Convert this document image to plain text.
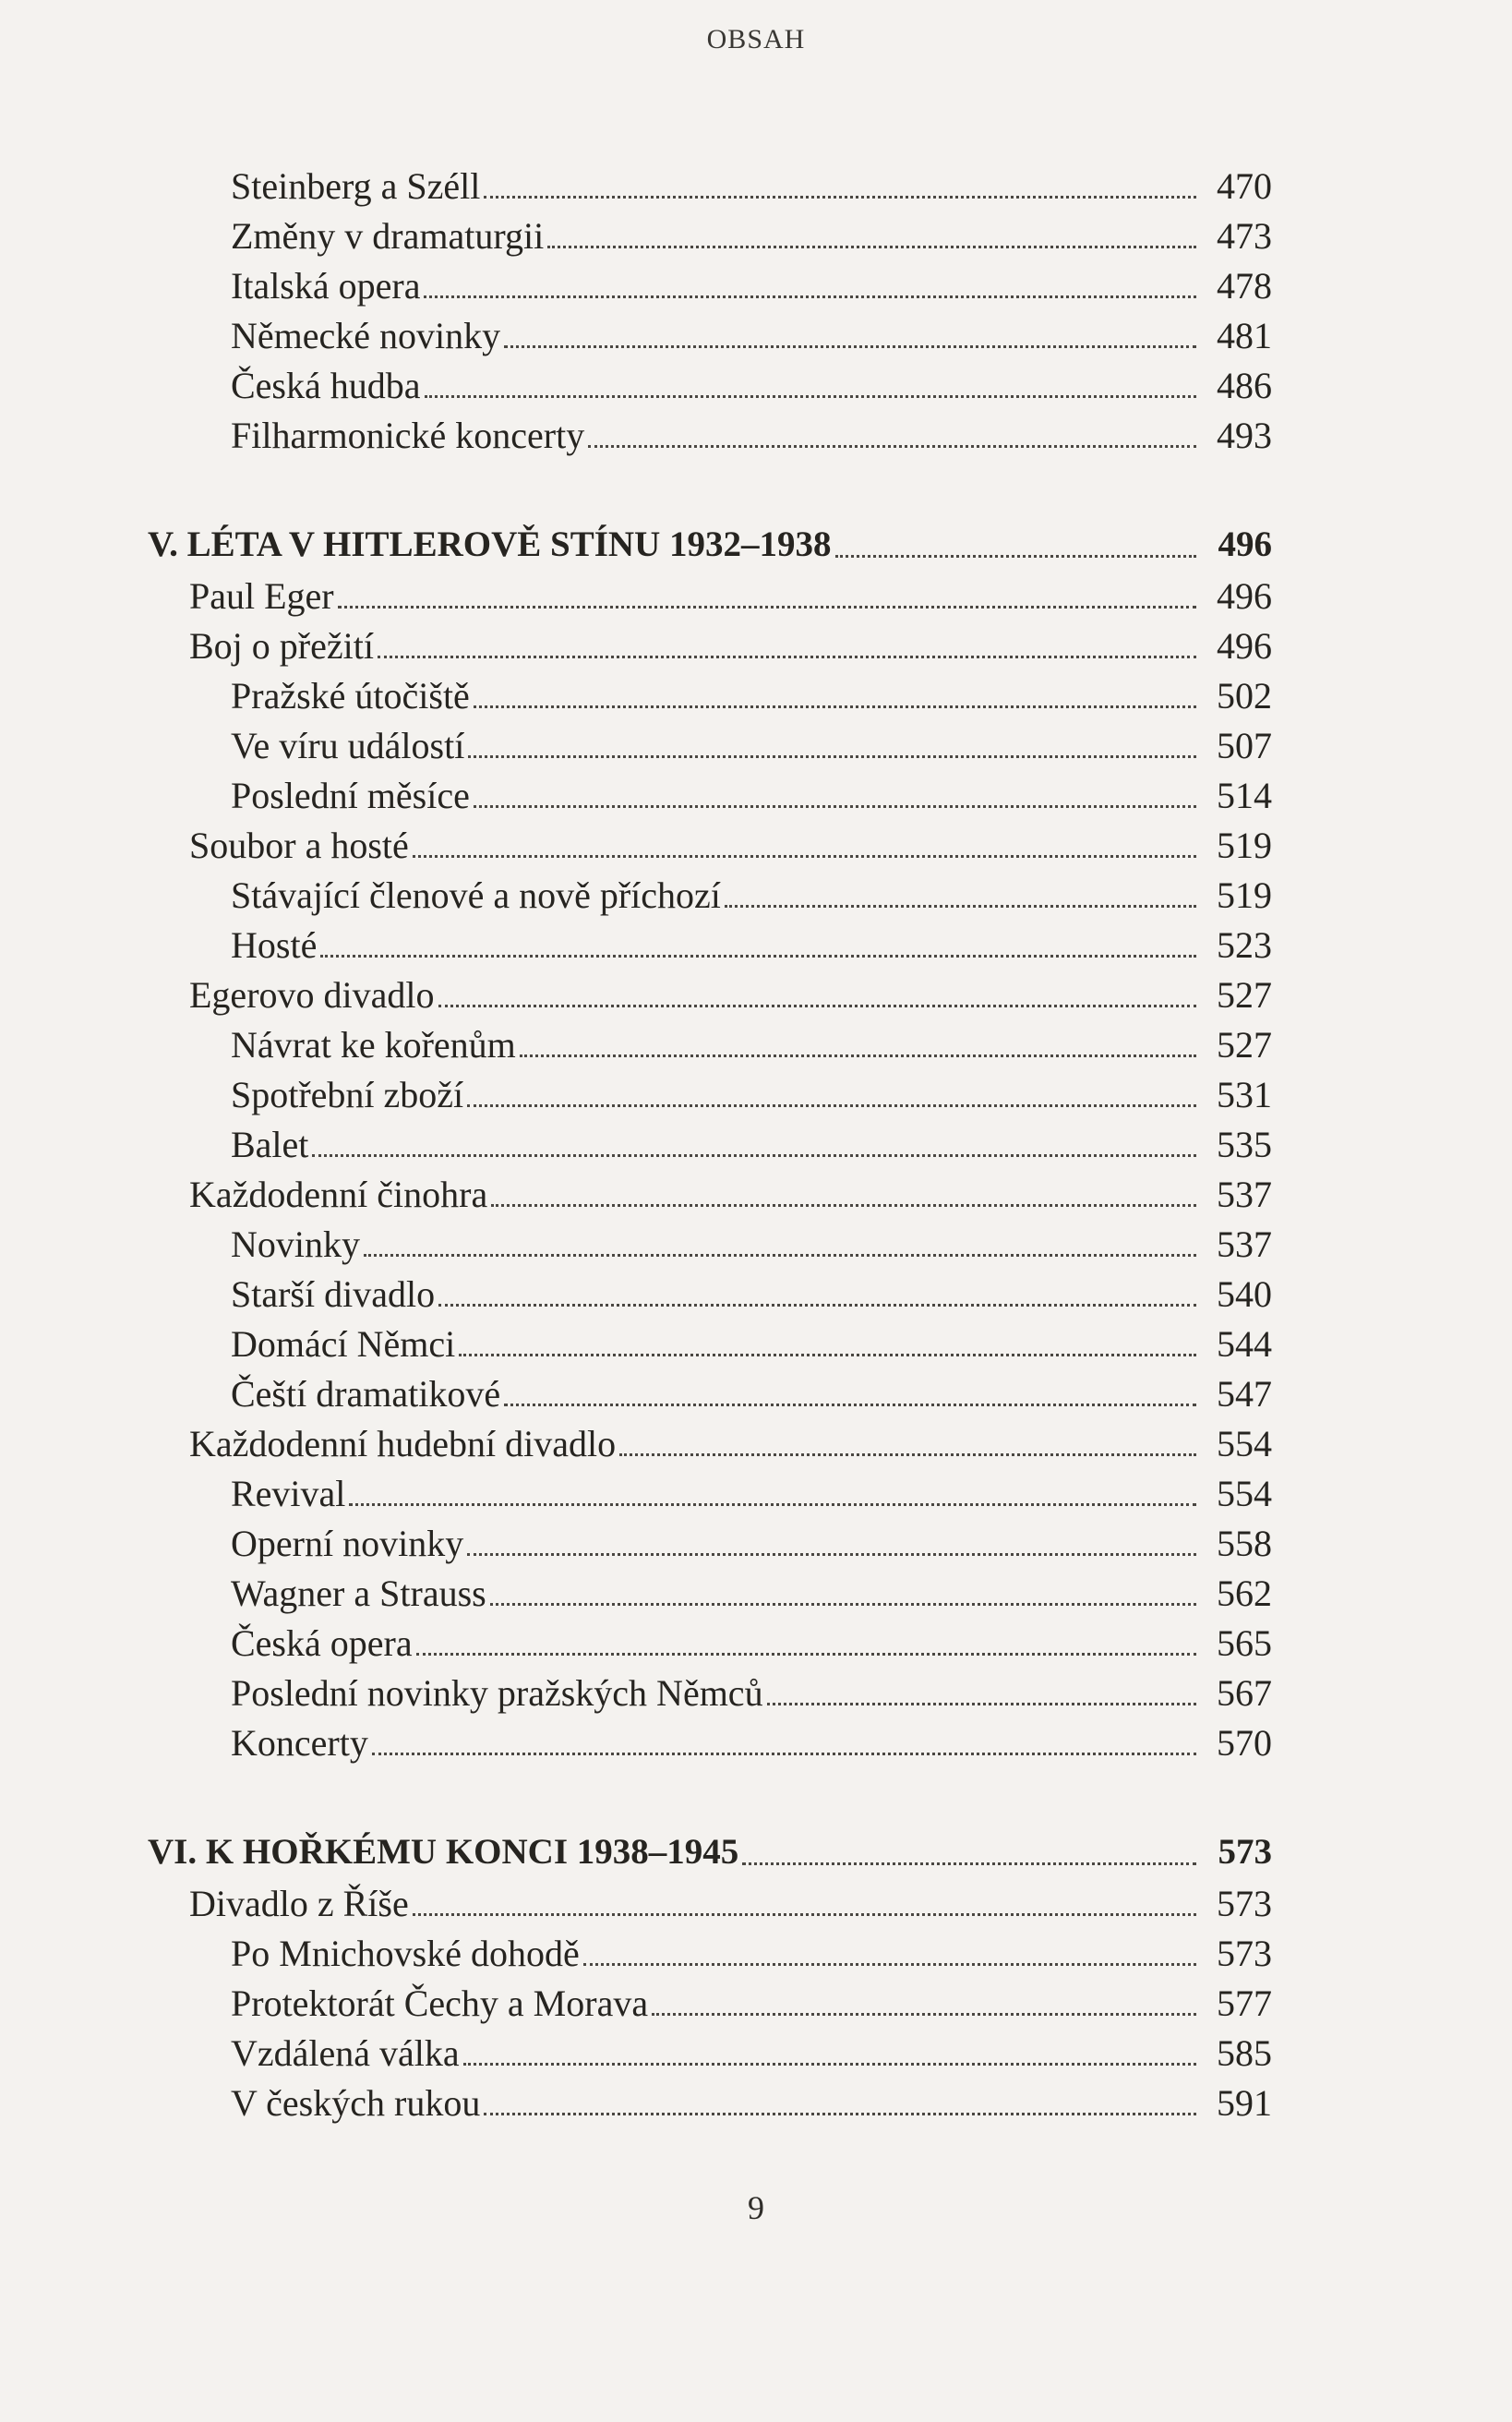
OBSAH
Steinberg a Széll	470
Změny v dramaturgii	473
Italská opera	478
Německé novinky	481
Česká hudba	486
Filharmonické koncerty	493
V. LÉTA V HITLEROVĚ STÍNU 1932–1938	496
Paul Eger	496
Boj o přežití	496
Pražské útočiště	502
Ve víru událostí	507
Poslední měsíce	514
Soubor a hosté	519
Stávající členové a nově příchozí	519
Hosté	523
Egerovo divadlo	527
Návrat ke kořenům	527
Spotřební zboží	531
Balet	535
Každodenní činohra	537
Novinky	537
Starší divadlo	540
Domácí Němci	544
Čeští dramatikové	547
Každodenní hudební divadlo	554
Revival	554
Operní novinky	558
Wagner a Strauss	562
Česká opera	565
Poslední novinky pražských Němců	567
Koncerty	570
VI. K HOŘKÉMU KONCI 1938–1945	573
Divadlo z Říše	573
Po Mnichovské dohodě	573
Protektorát Čechy a Morava	577
Vzdálená válka	585
V českých rukou	591
9
